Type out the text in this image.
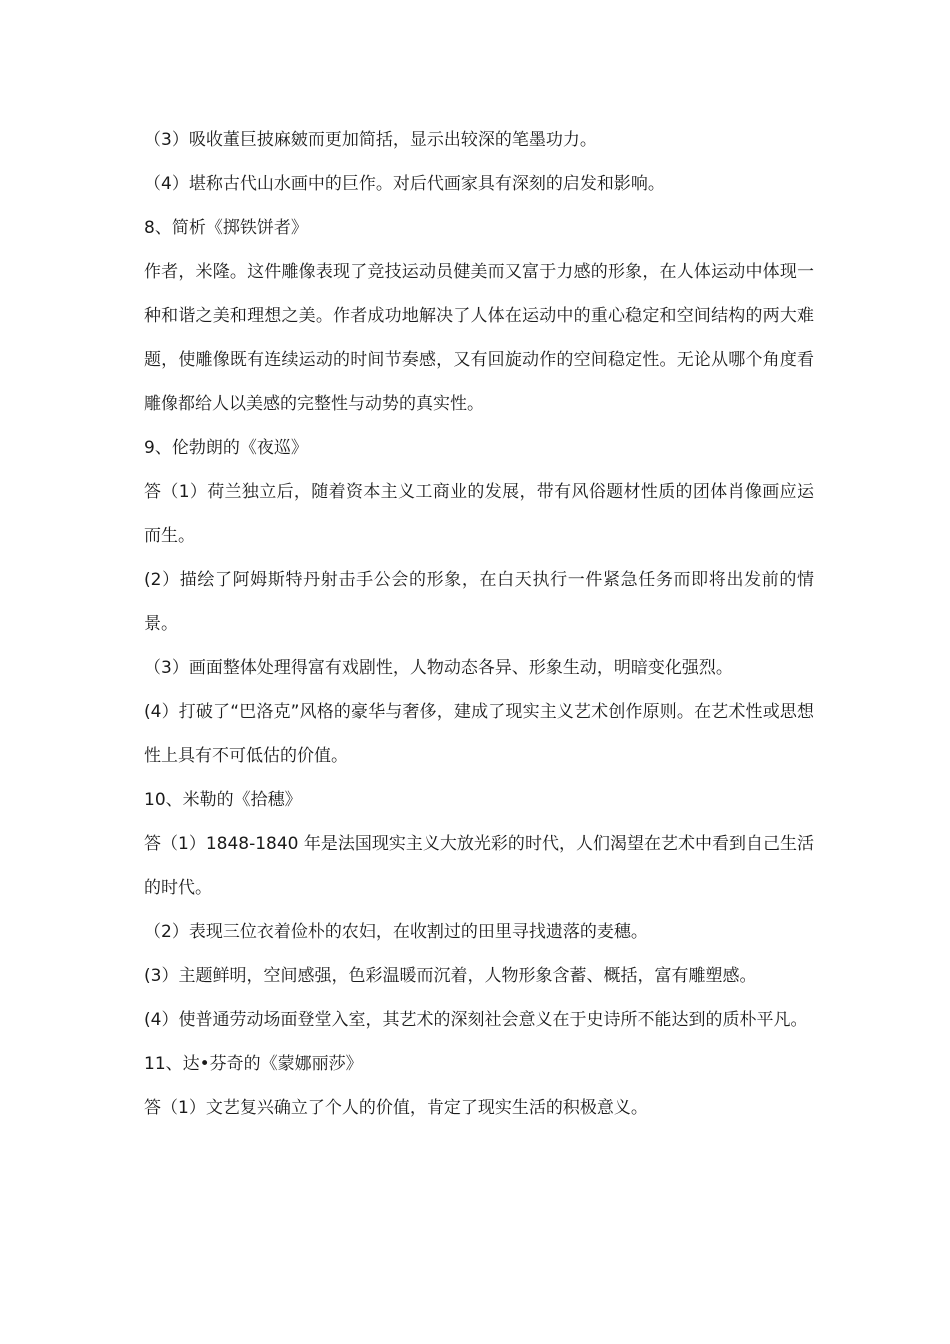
（3）吸收董巨披麻皴而更加简括，显示出较深的笔墨功力。

（4）堪称古代山水画中的巨作。对后代画家具有深刻的启发和影响。

8、简析《掷铁饼者》

作者，米隆。这件雕像表现了竞技运动员健美而又富于力感的形象，在人体运动中体现一种和谐之美和理想之美。作者成功地解决了人体在运动中的重心稳定和空间结构的两大难题，使雕像既有连续运动的时间节奏感，又有回旋动作的空间稳定性。无论从哪个角度看雕像都给人以美感的完整性与动势的真实性。

9、伦勃朗的《夜巡》

答（1）荷兰独立后，随着资本主义工商业的发展，带有风俗题材性质的团体肖像画应运而生。

(2）描绘了阿姆斯特丹射击手公会的形象，在白天执行一件紧急任务而即将出发前的情景。

（3）画面整体处理得富有戏剧性，人物动态各异、形象生动，明暗变化强烈。

(4）打破了“巴洛克”风格的豪华与奢侈，建成了现实主义艺术创作原则。在艺术性或思想性上具有不可低估的价值。

10、米勒的《拾穗》

答（1）1848-1840 年是法国现实主义大放光彩的时代，人们渴望在艺术中看到自己生活的时代。

（2）表现三位衣着俭朴的农妇，在收割过的田里寻找遗落的麦穗。

(3）主题鲜明，空间感强，色彩温暖而沉着，人物形象含蓄、概括，富有雕塑感。

(4）使普通劳动场面登堂入室，其艺术的深刻社会意义在于史诗所不能达到的质朴平凡。

11、达•芬奇的《蒙娜丽莎》

答（1）文艺复兴确立了个人的价值，肯定了现实生活的积极意义。
